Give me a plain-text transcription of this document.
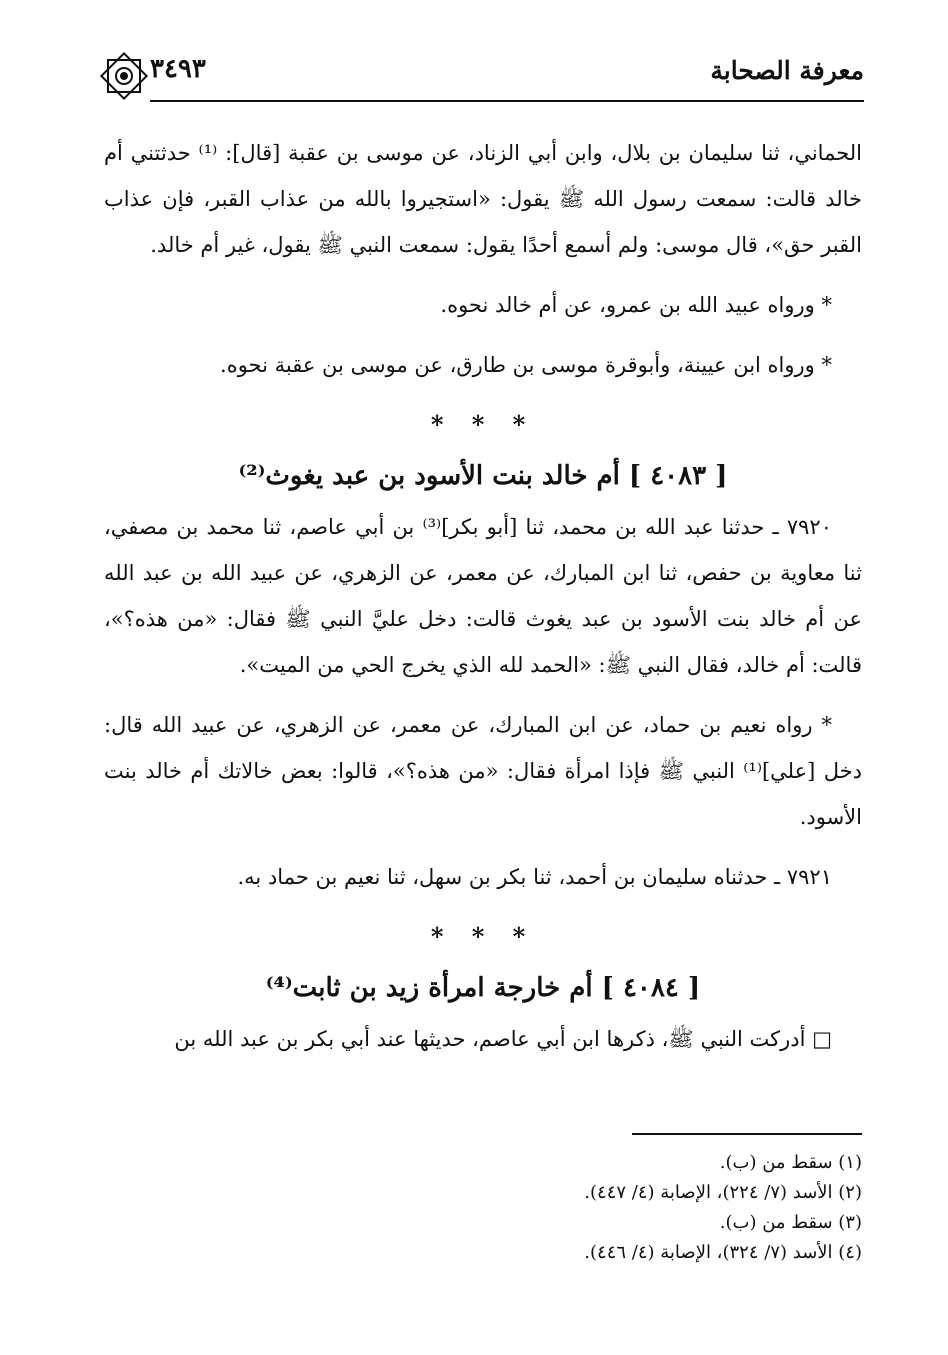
معرفة الصحابة
٣٤٩٣
الحماني، ثنا سليمان بن بلال، وابن أبي الزناد، عن موسى بن عقبة [قال]: ⁽¹⁾ حدثتني أم خالد قالت: سمعت رسول الله ﷺ يقول: «استجيروا بالله من عذاب القبر، فإن عذاب القبر حق»، قال موسى: ولم أسمع أحدًا يقول: سمعت النبي ﷺ يقول، غير أم خالد.
* ورواه عبيد الله بن عمرو، عن أم خالد نحوه.
* ورواه ابن عيينة، وأبوقرة موسى بن طارق، عن موسى بن عقبة نحوه.
* * *
[ ٤٠٨٣ ] أم خالد بنت الأسود بن عبد يغوث⁽²⁾
٧٩٢٠ ـ حدثنا عبد الله بن محمد، ثنا [أبو بكر]⁽³⁾ بن أبي عاصم، ثنا محمد بن مصفي، ثنا معاوية بن حفص، ثنا ابن المبارك، عن معمر، عن الزهري، عن عبيد الله بن عبد الله عن أم خالد بنت الأسود بن عبد يغوث قالت: دخل عليَّ النبي ﷺ فقال: «من هذه؟»، قالت: أم خالد، فقال النبي ﷺ: «الحمد لله الذي يخرج الحي من الميت».
* رواه نعيم بن حماد، عن ابن المبارك، عن معمر، عن الزهري، عن عبيد الله قال: دخل [علي]⁽¹⁾ النبي ﷺ فإذا امرأة فقال: «من هذه؟»، قالوا: بعض خالاتك أم خالد بنت الأسود.
٧٩٢١ ـ حدثناه سليمان بن أحمد، ثنا بكر بن سهل، ثنا نعيم بن حماد به.
* * *
[ ٤٠٨٤ ] أم خارجة امرأة زيد بن ثابت⁽⁴⁾
□ أدركت النبي ﷺ، ذكرها ابن أبي عاصم، حديثها عند أبي بكر بن عبد الله بن
(١) سقط من (ب).
(٢) الأسد (٧/ ٢٢٤)، الإصابة (٤/ ٤٤٧).
(٣) سقط من (ب).
(٤) الأسد (٧/ ٣٢٤)، الإصابة (٤/ ٤٤٦).
